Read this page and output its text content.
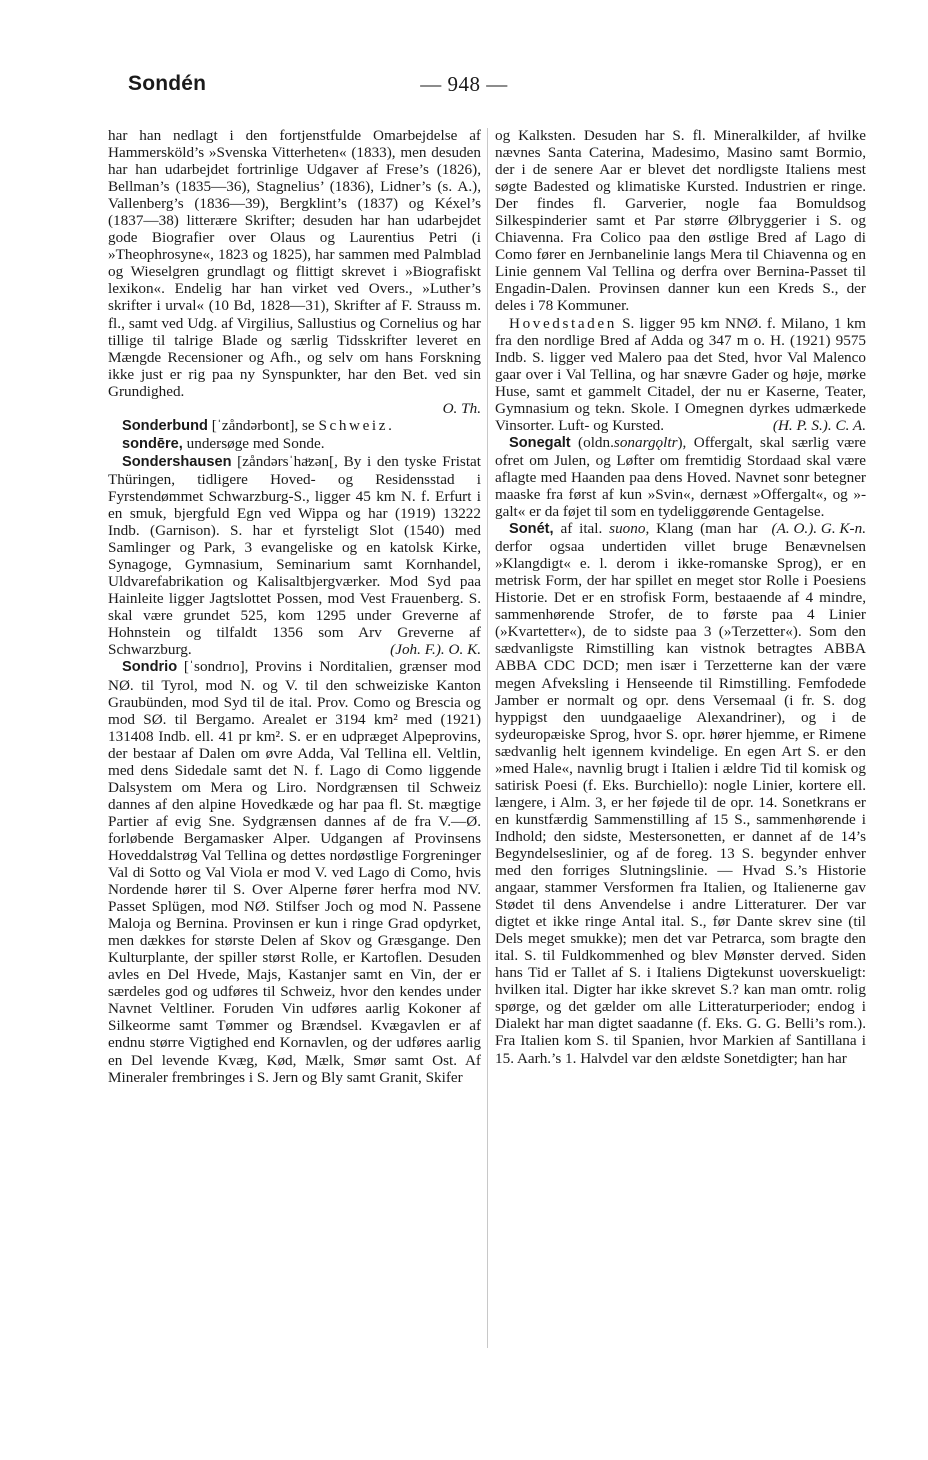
Sondén	— 948 —

har han nedlagt i den fortjenstfulde Omarbejdelse af Hammerskӧld’s »Svenska Vitterheten« (1833), men desuden har han udarbejdet fortrinlige Udgaver af Frese’s (1826), Bellman’s (1835—36), Stagnelius’ (1836), Lidner’s (s. A.), Vallenberg’s (1836—39), Bergklint’s (1837) og Kéxel’s (1837—38) litterære Skrifter; desuden har han udarbejdet gode Biografier over Olaus og Laurentius Petri (i »Theophrosyne«, 1823 og 1825), har sammen med Palmblad og Wieselgren grundlagt og flittigt skrevet i »Biografiskt lexikon«. Endelig har han virket ved Overs., »Luther’s skrifter i urval« (10 Bd, 1828—31), Skrifter af F. Strauss m. fl., samt ved Udg. af Virgilius, Sallustius og Cornelius og har tillige til talrige Blade og særlig Tidsskrifter leveret en Mængde Recensioner og Afh., og selv om hans Forskning ikke just er rig paa ny Synspunkter, har den Bet. ved sin Grundighed.
O. Th.

Sonderbund [ˈzåndərbont], se Schweiz.

sondēre, undersøge med Sonde.

Sondershausen [zåndərsˈhaͧzən[, By i den tyske Fristat Thüringen, tidligere Hoved- og Residensstad i Fyrstendømmet Schwarzburg-S., ligger 45 km N. f. Erfurt i en smuk, bjergfuld Egn ved Wippa og har (1919) 13222 Indb. (Garnison). S. har et fyrsteligt Slot (1540) med Samlinger og Park, 3 evangeliske og en katolsk Kirke, Synagoge, Gymnasium, Seminarium samt Kornhandel, Uldvarefabrikation og Kalisaltbjergværker. Mod Syd paa Hainleite ligger Jagtslottet Possen, mod Vest Frauenberg. S. skal være grundet 525, kom 1295 under Greverne af Hohnstein og tilfaldt 1356 som Arv Greverne af Schwarzburg.	(Joh. F.). O. K.

Sondrio [ˈsondrıo], Provins i Norditalien, grænser mod NØ. til Tyrol, mod N. og V. til den schweiziske Kanton Graubünden, mod Syd til de ital. Prov. Como og Brescia og mod SØ. til Bergamo. Arealet er 3194 km² med (1921) 131408 Indb. ell. 41 pr km². S. er en udpræget Alpeprovins, der bestaar af Dalen om øvre Adda, Val Tellina ell. Veltlin, med dens Sidedale samt det N. f. Lago di Como liggende Dalsystem om Mera og Liro. Nordgrænsen til Schweiz dannes af den alpine Hovedkæde og har paa fl. St. mægtige Partier af evig Sne. Sydgrænsen dannes af de fra V.—Ø. forløbende Bergamasker Alper. Udgangen af Provinsens Hoveddalstrøg Val Tellina og dettes nordøstlige Forgreninger Val di Sotto og Val Viola er mod V. ved Lago di Como, hvis Nordende hører til S. Over Alperne fører herfra mod NV. Passet Splügen, mod NØ. Stilfser Joch og mod N. Passene Maloja og Bernina. Provinsen er kun i ringe Grad opdyrket, men dækkes for største Delen af Skov og Græsgange. Den Kulturplante, der spiller størst Rolle, er Kartoflen. Desuden avles en Del Hvede, Majs, Kastanjer samt en Vin, der er særdeles god og udføres til Schweiz, hvor den kendes under Navnet Veltliner. Foruden Vin udføres aarlig Kokoner af Silkeorme samt Tømmer og Brændsel. Kvægavlen er af endnu større Vigtighed end Kornavlen, og der udføres aarlig en Del levende Kvæg, Kød, Mælk, Smør samt Ost. Af Mineraler frembringes i S. Jern og Bly samt Granit, Skifer

og Kalksten. Desuden har S. fl. Mineralkilder, af hvilke nævnes Santa Caterina, Madesimo, Masino samt Bormio, der i de senere Aar er blevet det nordligste Italiens mest søgte Badested og klimatiske Kursted. Industrien er ringe. Der findes fl. Garverier, nogle faa Bomuldsog Silkespinderier samt et Par større Ølbryggerier i S. og Chiavenna. Fra Colico paa den østlige Bred af Lago di Como fører en Jernbanelinie langs Mera til Chiavenna og en Linie gennem Val Tellina og derfra over Bernina-Passet til Engadin-Dalen. Provinsen danner kun een Kreds S., der deles i 78 Kommuner.

Hovedstaden S. ligger 95 km NNØ. f. Milano, 1 km fra den nordlige Bred af Adda og 347 m o. H. (1921) 9575 Indb. S. ligger ved Malero paa det Sted, hvor Val Malenco gaar over i Val Tellina, og har snævre Gader og høje, mørke Huse, samt et gammelt Citadel, der nu er Kaserne, Teater, Gymnasium og tekn. Skole. I Omegnen dyrkes udmærkede Vinsorter. Luft- og Kursted.	(H. P. S.). C. A.

Sonegalt (oldn.sonargǫltr), Offergalt, skal særlig være ofret om Julen, og Løfter om fremtidig Stordaad skal være aflagte med Haanden paa dens Hoved. Navnet sonr betegner maaske fra først af kun »Svin«, dernæst »Offergalt«, og »-galt« er da føjet til som en tydeliggørende Gentagelse.
(A. O.). G. K-n.

Sonét, af ital. suono, Klang (man har derfor ogsaa undertiden villet bruge Benævnelsen »Klangdigt« e. l. derom i ikke-romanske Sprog), er en metrisk Form, der har spillet en meget stor Rolle i Poesiens Historie. Det er en strofisk Form, bestaaende af 4 mindre, sammenhørende Strofer, de to første paa 4 Linier (»Kvartetter«), de to sidste paa 3 (»Terzetter«). Som den sædvanligste Rimstilling kan vistnok betragtes ABBA ABBA CDC DCD; men især i Terzetterne kan der være megen Afveksling i Henseende til Rimstilling. Femfodede Jamber er normalt og opr. dens Versemaal (i fr. S. dog hyppigst den uundgaaelige Alexandriner), og i de sydeuropæiske Sprog, hvor S. opr. hører hjemme, er Rimene sædvanlig helt igennem kvindelige. En egen Art S. er den »med Hale«, navnlig brugt i Italien i ældre Tid til komisk og satirisk Poesi (f. Eks. Burchiello): nogle Linier, kortere ell. længere, i Alm. 3, er her føjede til de opr. 14. Sonetkrans er en kunstfærdig Sammenstilling af 15 S., sammenhørende i Indhold; den sidste, Mestersonetten, er dannet af de 14’s Begyndelseslinier, og af de foreg. 13 S. begynder enhver med den forriges Slutningslinie. — Hvad S.’s Historie angaar, stammer Versformen fra Italien, og Italienerne gav Stødet til dens Anvendelse i andre Litteraturer. Der var digtet et ikke ringe Antal ital. S., før Dante skrev sine (til Dels meget smukke); men det var Petrarca, som bragte den ital. S. til Fuldkommenhed og blev Mønster derved. Siden hans Tid er Tallet af S. i Italiens Digtekunst uoverskueligt: hvilken ital. Digter har ikke skrevet S.? kan man omtr. rolig spørge, og det gælder om alle Litteraturperioder; endog i Dialekt har man digtet saadanne (f. Eks. G. G. Belli’s rom.). Fra Italien kom S. til Spanien, hvor Markien af Santillana i 15. Aarh.’s 1. Halvdel var den ældste Sonetdigter; han har
